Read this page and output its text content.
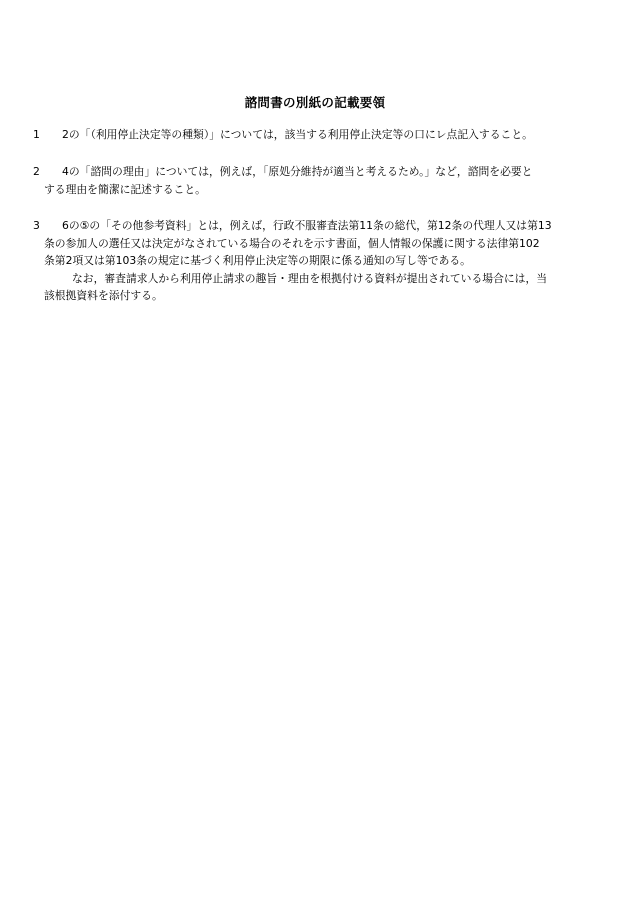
諮問書の別紙の記載要領
1	2の「（利用停止決定等の種類）」については，該当する利用停止決定等の口にレ点記入すること。
2	4の「諮問の理由」については，例えば，「原処分維持が適当と考えるため。」など，諮問を必要と
する理由を簡潔に記述すること。
3	6の⑤の「その他参考資料」とは，例えば，行政不服審査法第11条の総代，第12条の代理人又は第13
条の参加人の選任又は決定がなされている場合のそれを示す書面，個人情報の保護に関する法律第102
条第2項又は第103条の規定に基づく利用停止決定等の期限に係る通知の写し等である。
なお，審査請求人から利用停止請求の趣旨・理由を根拠付ける資料が提出されている場合には，当
該根拠資料を添付する。
